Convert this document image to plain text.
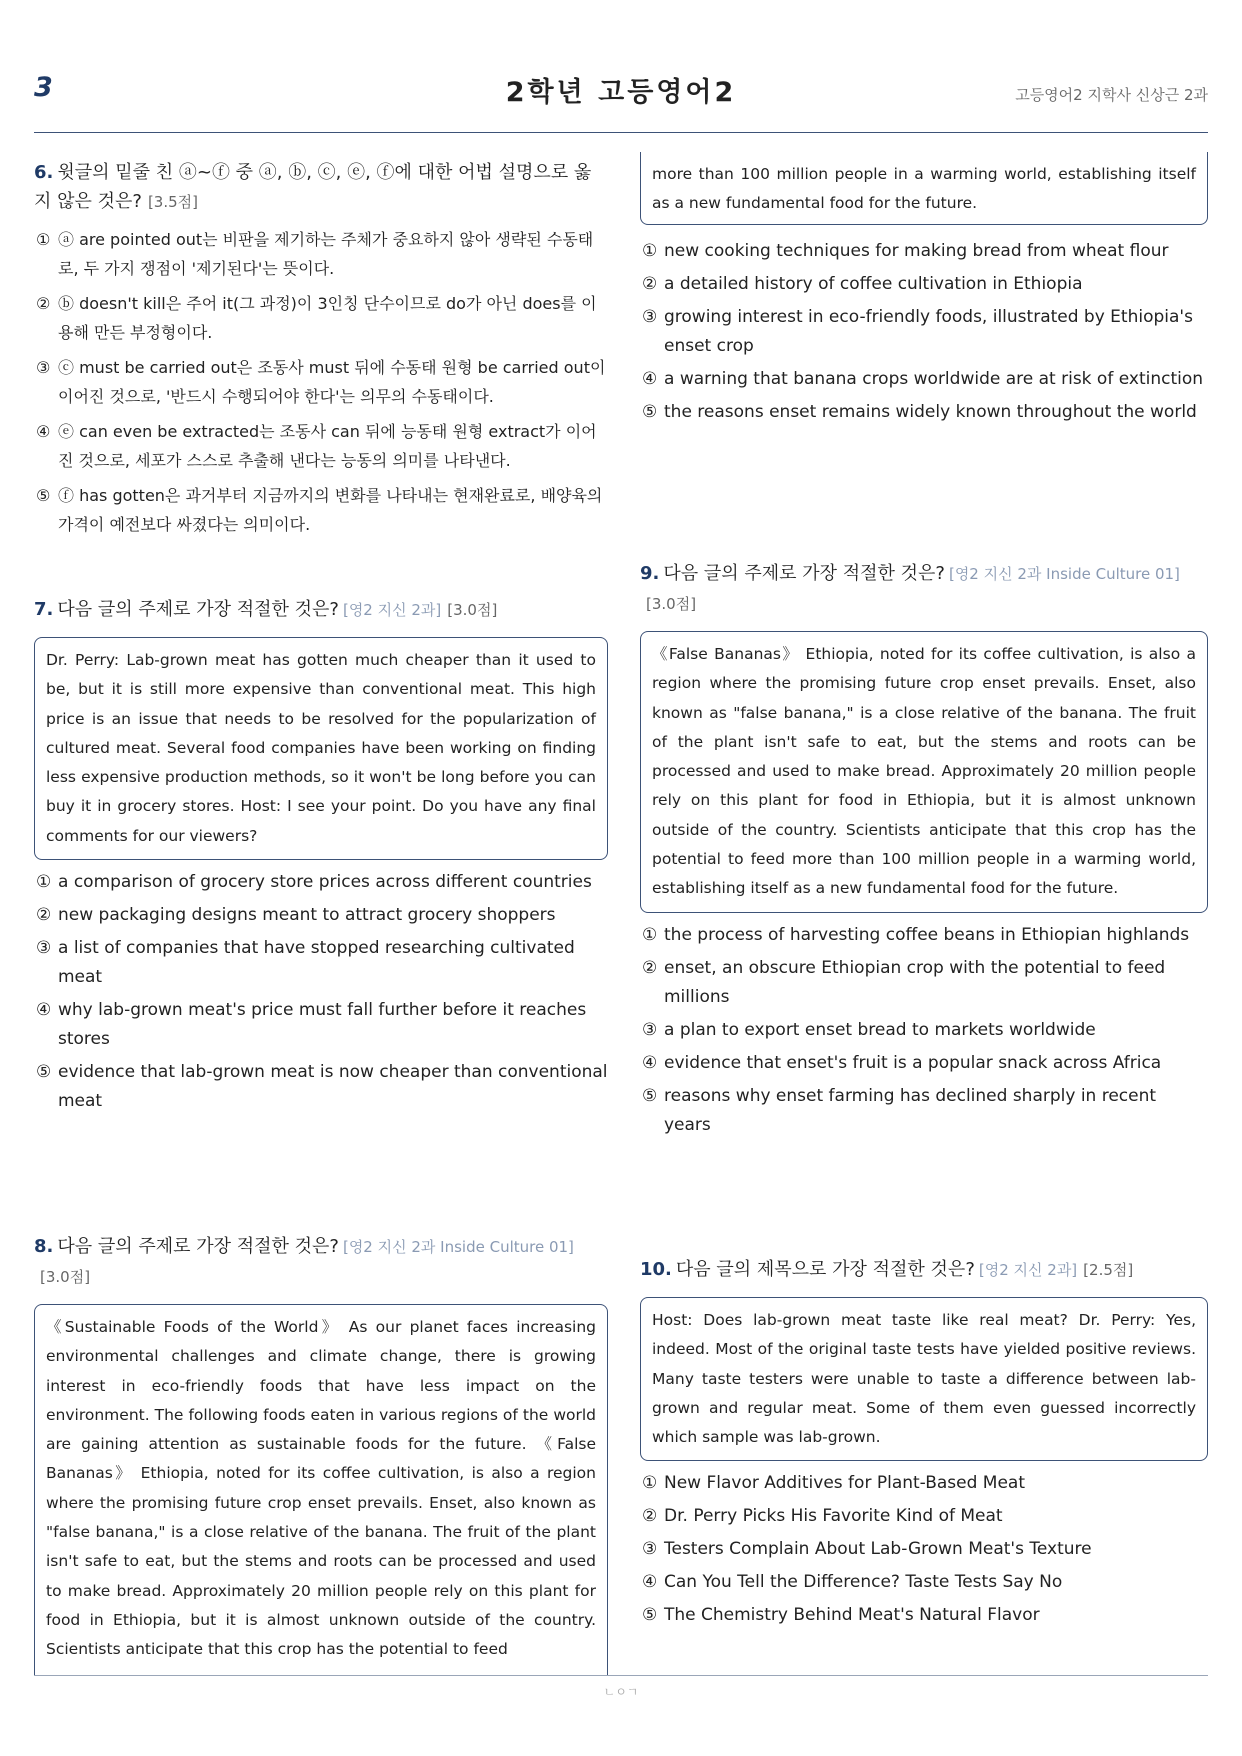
3	2학년 고등영어2	고등영어2 지학사 신상근 2과
6. 윗글의 밑줄 친 ⓐ~ⓕ 중 ⓐ, ⓑ, ⓒ, ⓔ, ⓕ에 대한 어법 설명으로 옳지 않은 것은? [3.5점]
① ⓐ are pointed out는 비판을 제기하는 주체가 중요하지 않아 생략된 수동태로, 두 가지 쟁점이 '제기된다'는 뜻이다.
② ⓑ doesn't kill은 주어 it(그 과정)이 3인칭 단수이므로 do가 아닌 does를 이용해 만든 부정형이다.
③ ⓒ must be carried out은 조동사 must 뒤에 수동태 원형 be carried out이 이어진 것으로, '반드시 수행되어야 한다'는 의무의 수동태이다.
④ ⓔ can even be extracted는 조동사 can 뒤에 능동태 원형 extract가 이어진 것으로, 세포가 스스로 추출해 낸다는 능동의 의미를 나타낸다.
⑤ ⓕ has gotten은 과거부터 지금까지의 변화를 나타내는 현재완료로, 배양육의 가격이 예전보다 싸졌다는 의미이다.
7. 다음 글의 주제로 가장 적절한 것은? [영2 지신 2과] [3.0점]
Dr. Perry: Lab-grown meat has gotten much cheaper than it used to be, but it is still more expensive than conventional meat. This high price is an issue that needs to be resolved for the popularization of cultured meat. Several food companies have been working on finding less expensive production methods, so it won't be long before you can buy it in grocery stores. Host: I see your point. Do you have any final comments for our viewers?
① a comparison of grocery store prices across different countries
② new packaging designs meant to attract grocery shoppers
③ a list of companies that have stopped researching cultivated meat
④ why lab-grown meat's price must fall further before it reaches stores
⑤ evidence that lab-grown meat is now cheaper than conventional meat
8. 다음 글의 주제로 가장 적절한 것은? [영2 지신 2과 Inside Culture 01][3.0점]
《Sustainable Foods of the World》 As our planet faces increasing environmental challenges and climate change, there is growing interest in eco-friendly foods that have less impact on the environment. The following foods eaten in various regions of the world are gaining attention as sustainable foods for the future. 《False Bananas》 Ethiopia, noted for its coffee cultivation, is also a region where the promising future crop enset prevails. Enset, also known as "false banana," is a close relative of the banana. The fruit of the plant isn't safe to eat, but the stems and roots can be processed and used to make bread. Approximately 20 million people rely on this plant for food in Ethiopia, but it is almost unknown outside of the country. Scientists anticipate that this crop has the potential to feed
more than 100 million people in a warming world, establishing itself as a new fundamental food for the future.
① new cooking techniques for making bread from wheat flour
② a detailed history of coffee cultivation in Ethiopia
③ growing interest in eco-friendly foods, illustrated by Ethiopia's enset crop
④ a warning that banana crops worldwide are at risk of extinction
⑤ the reasons enset remains widely known throughout the world
9. 다음 글의 주제로 가장 적절한 것은? [영2 지신 2과 Inside Culture 01][3.0점]
《False Bananas》 Ethiopia, noted for its coffee cultivation, is also a region where the promising future crop enset prevails. Enset, also known as "false banana," is a close relative of the banana. The fruit of the plant isn't safe to eat, but the stems and roots can be processed and used to make bread. Approximately 20 million people rely on this plant for food in Ethiopia, but it is almost unknown outside of the country. Scientists anticipate that this crop has the potential to feed more than 100 million people in a warming world, establishing itself as a new fundamental food for the future.
① the process of harvesting coffee beans in Ethiopian highlands
② enset, an obscure Ethiopian crop with the potential to feed millions
③ a plan to export enset bread to markets worldwide
④ evidence that enset's fruit is a popular snack across Africa
⑤ reasons why enset farming has declined sharply in recent years
10. 다음 글의 제목으로 가장 적절한 것은? [영2 지신 2과] [2.5점]
Host: Does lab-grown meat taste like real meat? Dr. Perry: Yes, indeed. Most of the original taste tests have yielded positive reviews. Many taste testers were unable to taste a difference between lab-grown and regular meat. Some of them even guessed incorrectly which sample was lab-grown.
① New Flavor Additives for Plant-Based Meat
② Dr. Perry Picks His Favorite Kind of Meat
③ Testers Complain About Lab-Grown Meat's Texture
④ Can You Tell the Difference? Taste Tests Say No
⑤ The Chemistry Behind Meat's Natural Flavor
ㄴㅇㄱ
